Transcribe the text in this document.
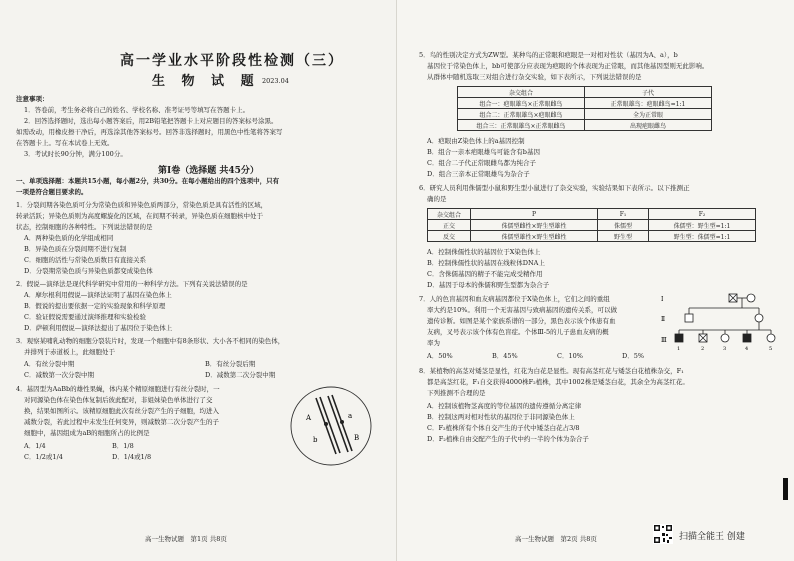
高一学业水平阶段性检测（三）
生 物 试 题 2023.04
注意事项：
1．答卷前，考生务必将自己的姓名、学校名称、准考证号等填写在答题卡上。
2．回答选择题时，选出每小题答案后，用2B铅笔把答题卡上对应题目的答案标号涂黑。
如需改动，用橡皮擦干净后，再选涂其他答案标号。回答非选择题时，用黑色中性笔将答案写
在答题卡上。写在本试卷上无效。
3．考试时长90分钟，满分100分。
第Ⅰ卷（选择题 共45分）
一、单项选择题：本题共15小题，每小题2分，共30分。在每小题给出的四个选项中，只有
一项是符合题目要求的。
1．分裂间期各染色质可分为常染色质和异染色质两部分，常染色质是具有活性的区域，
转录活跃；异染色质则为高度螺旋化的区域，在间期不转录，异染色质在细胞核中处于
状态，控制细胞的各种特性。下列说法错误的是
A．两种染色质的化学组成相同
B．异染色质在分裂间期不进行复制
C．细胞的活性与常染色质数目有直接关系
D．分裂期常染色质与异染色质都变成染色体
2．假说—演绎法是现代科学研究中常用的一种科学方法。下列有关说法错误的是
A．摩尔根利用假说—演绎法证明了基因在染色体上
B．假说的提出要依据一定的实验现象和科学原理
C．验证假说需要通过演绎推理和实验检验
D．萨顿利用假说—演绎法提出了基因位于染色体上
3．观察某哺乳动物的细胞分裂装片时，发现一个细胞中有8条形状、大小各不相同的染色体，
并排列于赤道板上，此细胞处于
A．有丝分裂中期	B．有丝分裂后期
C．减数第一次分裂中期	D．减数第二次分裂中期
4．基因型为AaBb的雄性果蝇，体内某个精原细胞进行有丝分裂时，一
对同源染色体在染色体复制后彼此配对，非姐妹染色单体进行了交
换，结果如图所示。该精原细胞此次有丝分裂产生的子细胞，均进入
减数分裂，若此过程中未发生任何变异，则减数第二次分裂产生的子
细胞中，基因组成为aB的细胞所占的比例是
A．1/4	B．1/8
C．1/2或1/4	D．1/4或1/8
A
b
a
B
高一生物试题　第1页 共8页
5．鸟的性别决定方式为ZW型。某种鸟的正常眼和疤眼是一对相对性状（基因为A、a），b
基因位于常染色体上，bb可使部分应表现为疤眼的个体表现为正常眼，而其他基因型则无此影响。
从群体中随机选取三对组合进行杂交实验，如下表所示，下列说法错误的是
杂交组合	子代
组合一：疤眼雄鸟×正常眼雌鸟	正常眼雄鸟：疤眼雌鸟=1:1
组合二：正常眼雄鸟×疤眼雌鸟	全为正常眼
组合三：正常眼雄鸟×正常眼雌鸟	出现疤眼雌鸟
A．疤眼由Z染色体上的a基因控制
B．组合一亲本疤眼雄鸟可能含有b基因
C．组合二子代正常眼雌鸟都为纯合子
D．组合三亲本正常眼雄鸟为杂合子
6．研究人员利用侏儒型小鼠和野生型小鼠进行了杂交实验，实验结果如下表所示。以下推测正
确的是
杂交组合	P	F₁	F₂
正交	侏儒型雌性×野生型雄性	侏儒型	侏儒型：野生型=1:1
反交	侏儒型雄性×野生型雌性	野生型	野生型：侏儒型=1:1
A．控制侏儒性状的基因位于X染色体上
B．控制侏儒性状的基因在线粒体DNA上
C．含侏儒基因的精子不能完成受精作用
D．基因于母本的侏儒和野生型都为杂合子
7．人的色盲基因和血友病基因都位于X染色体上，它们之间的重组
率大约是10%。利用一个无害基因与致病基因的遗传关系，可以做
遗传诊断。如图是某个家族系谱的一部分，黑色表示该个体患有血
友病，叉号表示该个体有色盲症。个体Ⅲ-5的儿子患血友病的概
率为
A．50%	B．45%	C．10%	D．5%
Ⅰ
Ⅱ
Ⅲ
1	2	3	4	5
8．某植物的高茎对矮茎是显性，红花为白花是显性。现有高茎红花与矮茎白花植株杂交，F₁
都是高茎红花，F₁自交获得4000株F₂植株，其中1002株是矮茎白花，其余全为高茎红花。
下列推测不合理的是
A．控制该植物茎高度的等位基因的遗传遵循分离定律
B．控制这两对相对性状的基因位于非同源染色体上
C．F₂植株所有个体自交产生的子代中矮茎白花占3/8
D．F₂植株自由交配产生的子代中约一半的个体为杂合子
高一生物试题　第2页 共8页	扫描全能王 创建
